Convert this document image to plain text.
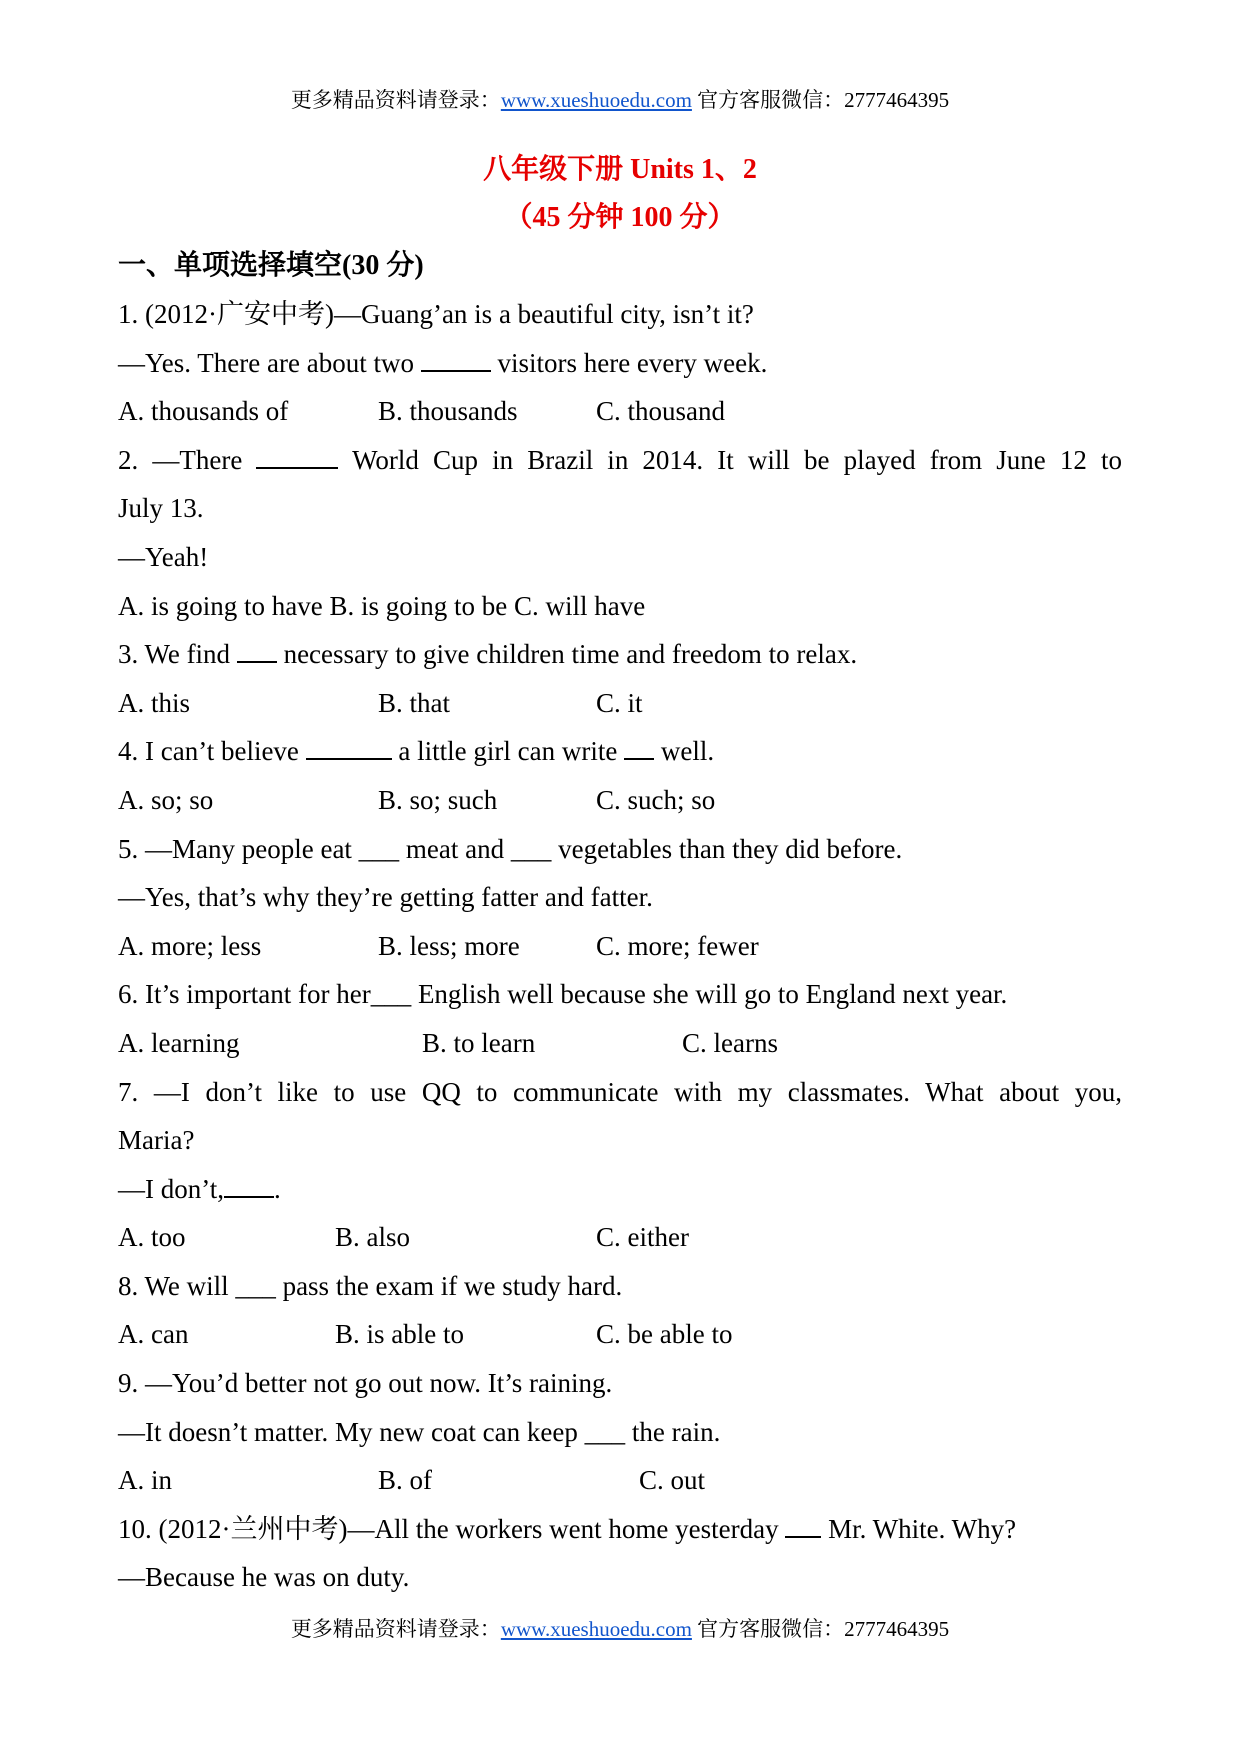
更多精品资料请登录：www.xueshuoedu.com 官方客服微信：2777464395
八年级下册 Units 1、2
（45 分钟 100 分）
一、单项选择填空(30 分)
1. (2012·广安中考)—Guang’an is a beautiful city, isn’t it?
—Yes. There are about two	visitors here every week.
A. thousands of	B. thousands	C. thousand
2. —There	World Cup in Brazil in 2014. It will be played from June 12 to
July 13.
—Yeah!
A. is going to have B. is going to be C. will have
3. We find  necessary to give children time and freedom to relax.
A. this	B. that	C. it
4. I can’t believe	a little girl can write  well.
A. so; so	B. so; such	C. such; so
5. —Many people eat ___ meat and ___ vegetables than they did before.
—Yes, that’s why they’re getting fatter and fatter.
A. more; less	B. less; more	C. more; fewer
6. It’s important for her___ English well because she will go to England next year.
A. learning	B. to learn	C. learns
7. —I don’t like to use QQ to communicate with my classmates. What about you,
Maria?
—I don’t, .
A. too	B. also	C. either
8. We will ___ pass the exam if we study hard.
A. can	B. is able to	C. be able to
9. —You’d better not go out now. It’s raining.
—It doesn’t matter. My new coat can keep ___ the rain.
A. in	B. of	C. out
10. (2012·兰州中考)—All the workers went home yesterday  Mr. White. Why?
—Because he was on duty.
更多精品资料请登录：www.xueshuoedu.com 官方客服微信：2777464395
